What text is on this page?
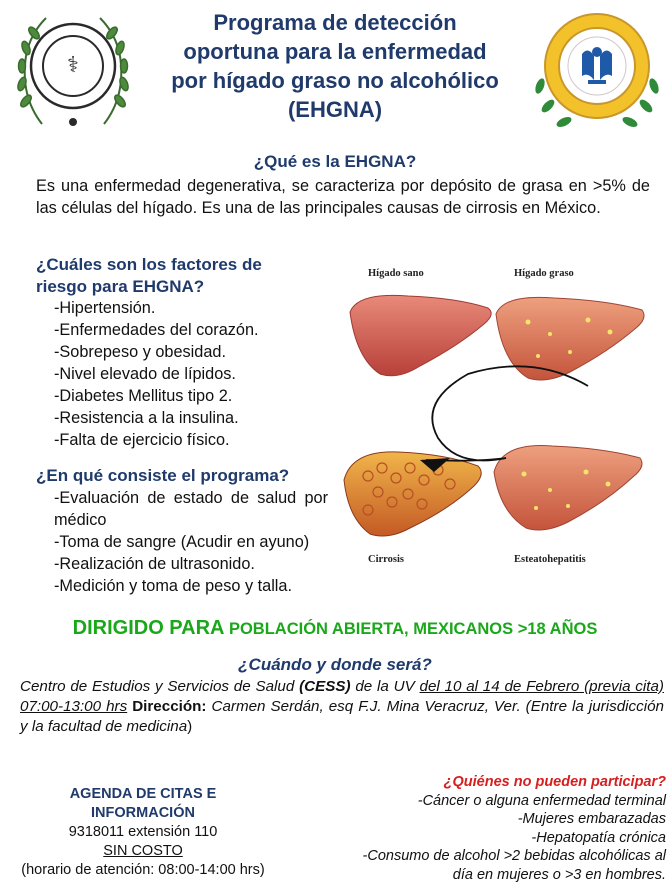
⚕
Programa de detección
oportuna para la enfermedad
por hígado graso no alcohólico
(EHGNA)
¿Qué es la EHGNA?
Es una enfermedad degenerativa, se caracteriza por depósito de grasa en >5% de las células del hígado. Es una de las principales causas de cirrosis en México.
¿Cuáles son los factores de
riesgo para EHGNA?
-Hipertensión.
-Enfermedades del corazón.
-Sobrepeso y obesidad.
-Nivel elevado de lípidos.
-Diabetes Mellitus tipo 2.
-Resistencia a la insulina.
-Falta de ejercicio físico.
Hígado sano	Hígado graso
Cirrosis	Esteatohepatitis
¿En qué consiste el programa?
-Evaluación de estado de salud por médico
-Toma de sangre (Acudir en ayuno)
-Realización de ultrasonido.
-Medición y toma de peso y talla.
DIRIGIDO PARA POBLACIÓN ABIERTA, MEXICANOS >18 AÑOS
¿Cuándo y donde será?
Centro de Estudios y Servicios de Salud (CESS) de la UV del 10 al 14 de Febrero (previa cita) 07:00-13:00 hrs Dirección: Carmen Serdán, esq F.J. Mina Veracruz, Ver. (Entre la jurisdicción y la facultad de medicina)
AGENDA DE CITAS E
INFORMACIÓN
9318011 extensión 110
SIN COSTO
(horario de atención: 08:00-14:00 hrs)
¿Quiénes no pueden participar?
-Cáncer o alguna enfermedad terminal
-Mujeres embarazadas
-Hepatopatía crónica
-Consumo de alcohol >2 bebidas alcohólicas al
día en mujeres o >3 en hombres.
